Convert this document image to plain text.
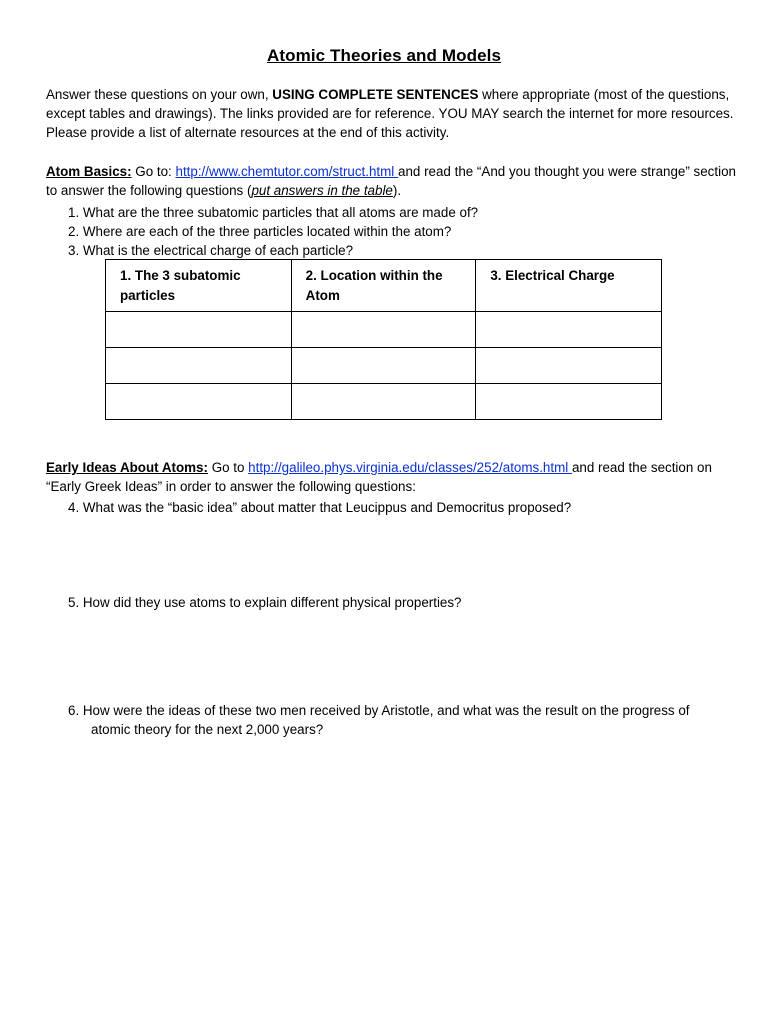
Atomic Theories and Models
Answer these questions on your own, USING COMPLETE SENTENCES where appropriate (most of the questions, except tables and drawings). The links provided are for reference. YOU MAY search the internet for more resources. Please provide a list of alternate resources at the end of this activity.
Atom Basics: Go to: http://www.chemtutor.com/struct.html and read the “And you thought you were strange” section to answer the following questions (put answers in the table).
1. What are the three subatomic particles that all atoms are made of?
2. Where are each of the three particles located within the atom?
3. What is the electrical charge of each particle?
1. The 3 subatomic particles	2. Location within the Atom	3. Electrical Charge

Early Ideas About Atoms: Go to http://galileo.phys.virginia.edu/classes/252/atoms.html and read the section on “Early Greek Ideas” in order to answer the following questions:
4. What was the “basic idea” about matter that Leucippus and Democritus proposed?
5. How did they use atoms to explain different physical properties?
6. How were the ideas of these two men received by Aristotle, and what was the result on the progress of
atomic theory for the next 2,000 years?
